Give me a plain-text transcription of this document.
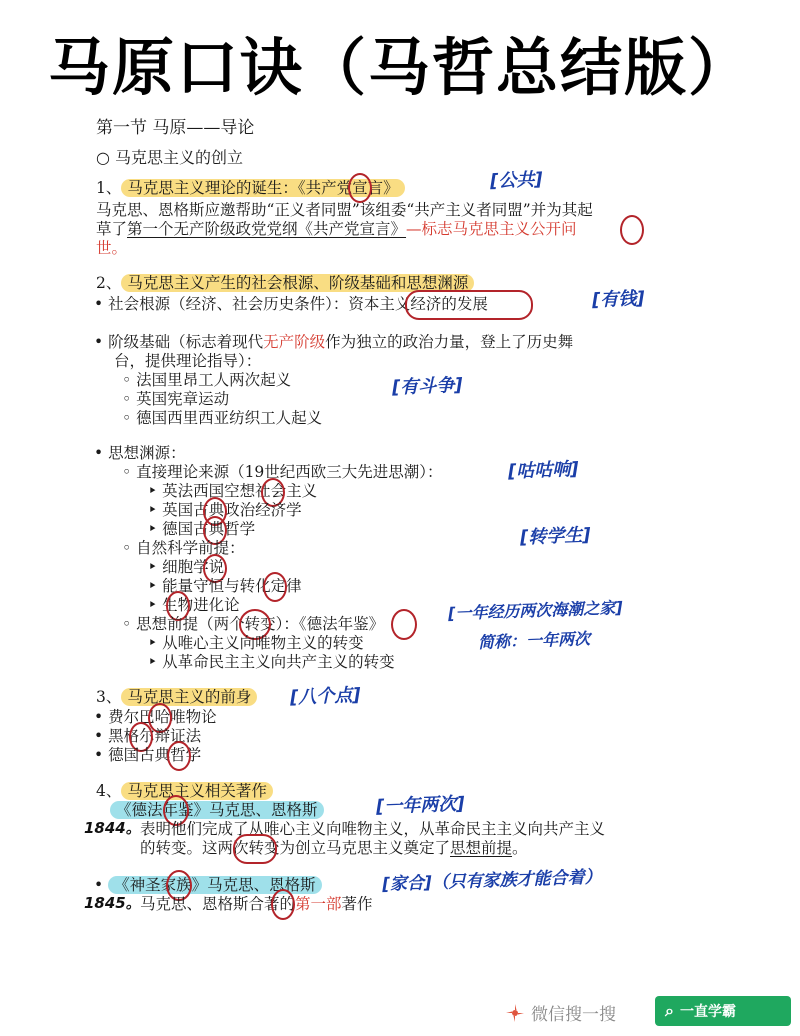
马原口诀（马哲总结版）
第一节 马原——导论
○ 马克思主义的创立
1、 马克思主义理论的诞生：《共产党宣言》	[公共]
马克思、恩格斯应邀帮助“正义者同盟”该组委“共产主义者同盟”并为其起
草了第一个无产阶级政党党纲《共产党宣言》—标志马克思主义公开问
世。
2、 马克思主义产生的社会根源、阶级基础和思想渊源
• 社会根源（经济、社会历史条件）：资本主义经济的发展	[有钱]
• 阶级基础（标志着现代无产阶级作为独立的政治力量，登上了历史舞
台，提供理论指导）：
◦ 法国里昂工人两次起义
◦ 英国宪章运动
◦ 德国西里西亚纺织工人起义
[有斗争]
• 思想渊源：
◦ 直接理论来源（19世纪西欧三大先进思潮）：	[咕咕响]
‣ 英法西国空想社会主义
‣ 英国古典政治经济学
‣ 德国古典哲学	[转学生]
◦ 自然科学前提：
‣ 细胞学说
‣ 能量守恒与转化定律
‣ 生物进化论
◦ 思想前提（两个转变）：《德法年鉴》
[一年经历两次海潮之家]
简称：一年两次
‣ 从唯心主义向唯物主义的转变
‣ 从革命民主主义向共产主义的转变
3、 马克思主义的前身	[八个点]
• 费尔巴哈唯物论
• 黑格尔辩证法
• 德国古典哲学
4、 马克思主义相关著作
《德法年鉴》马克思、恩格斯	[一年两次]
1844。 表明他们完成了从唯心主义向唯物主义，从革命民主主义向共产主义
的转变。这两次转变为创立马克思主义奠定了思想前提。
• 《神圣家族》马克思、恩格斯	[家合]（只有家族才能合着）
1845。 马克思、恩格斯合著的第一部著作
微信搜一搜	⌕ 一直学霸
